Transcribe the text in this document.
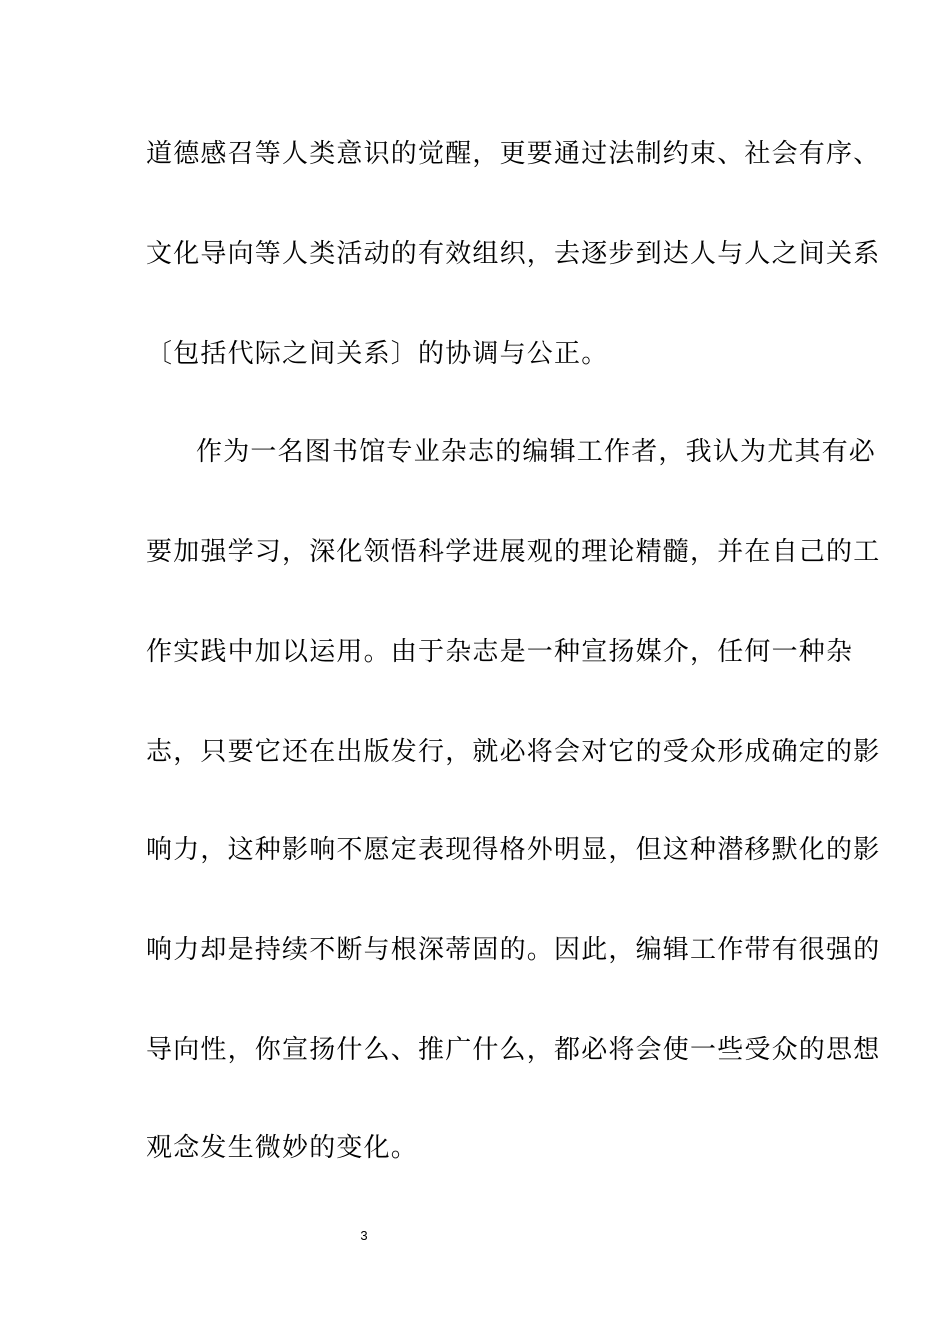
道德感召等人类意识的觉醒，更要通过法制约束、社会有序、
文化导向等人类活动的有效组织，去逐步到达人与人之间关系
〔包括代际之间关系〕的协调与公正。
作为一名图书馆专业杂志的编辑工作者，我认为尤其有必
要加强学习，深化领悟科学进展观的理论精髓，并在自己的工
作实践中加以运用。由于杂志是一种宣扬媒介，任何一种杂
志，只要它还在出版发行，就必将会对它的受众形成确定的影
响力，这种影响不愿定表现得格外明显，但这种潜移默化的影
响力却是持续不断与根深蒂固的。因此，编辑工作带有很强的
导向性，你宣扬什么、推广什么，都必将会使一些受众的思想
观念发生微妙的变化。
3
